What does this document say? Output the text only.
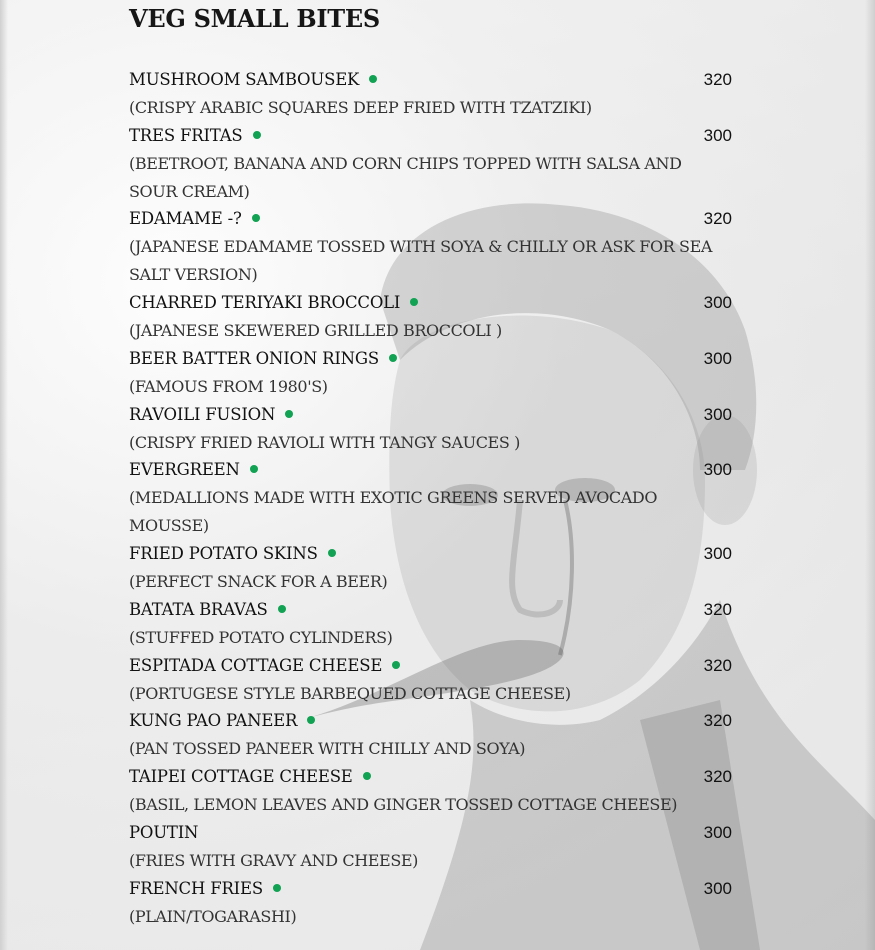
VEG SMALL BITES
MUSHROOM SAMBOUSEK	320

(CRISPY ARABIC SQUARES DEEP FRIED WITH TZATZIKI)

TRES FRITAS	300

(BEETROOT, BANANA AND CORN CHIPS TOPPED WITH SALSA AND SOUR CREAM)

EDAMAME -?	320

(JAPANESE EDAMAME TOSSED WITH SOYA & CHILLY OR ASK FOR SEA SALT VERSION)

CHARRED TERIYAKI BROCCOLI	300

(JAPANESE SKEWERED GRILLED BROCCOLI )

BEER BATTER ONION RINGS	300

(FAMOUS FROM 1980'S)

RAVOILI FUSION	300

(CRISPY FRIED RAVIOLI WITH TANGY SAUCES )

EVERGREEN	300

(MEDALLIONS MADE WITH EXOTIC GREENS SERVED AVOCADO MOUSSE)

FRIED POTATO SKINS	300

(PERFECT SNACK FOR A BEER)

BATATA BRAVAS	320

(STUFFED POTATO CYLINDERS)

ESPITADA COTTAGE CHEESE	320

(PORTUGESE STYLE BARBEQUED COTTAGE CHEESE)

KUNG PAO PANEER	320

(PAN TOSSED PANEER WITH CHILLY AND SOYA)

TAIPEI COTTAGE CHEESE	320

(BASIL, LEMON LEAVES AND GINGER TOSSED COTTAGE CHEESE)

POUTIN	300

(FRIES WITH GRAVY AND CHEESE)

FRENCH FRIES	300

(PLAIN/TOGARASHI)
